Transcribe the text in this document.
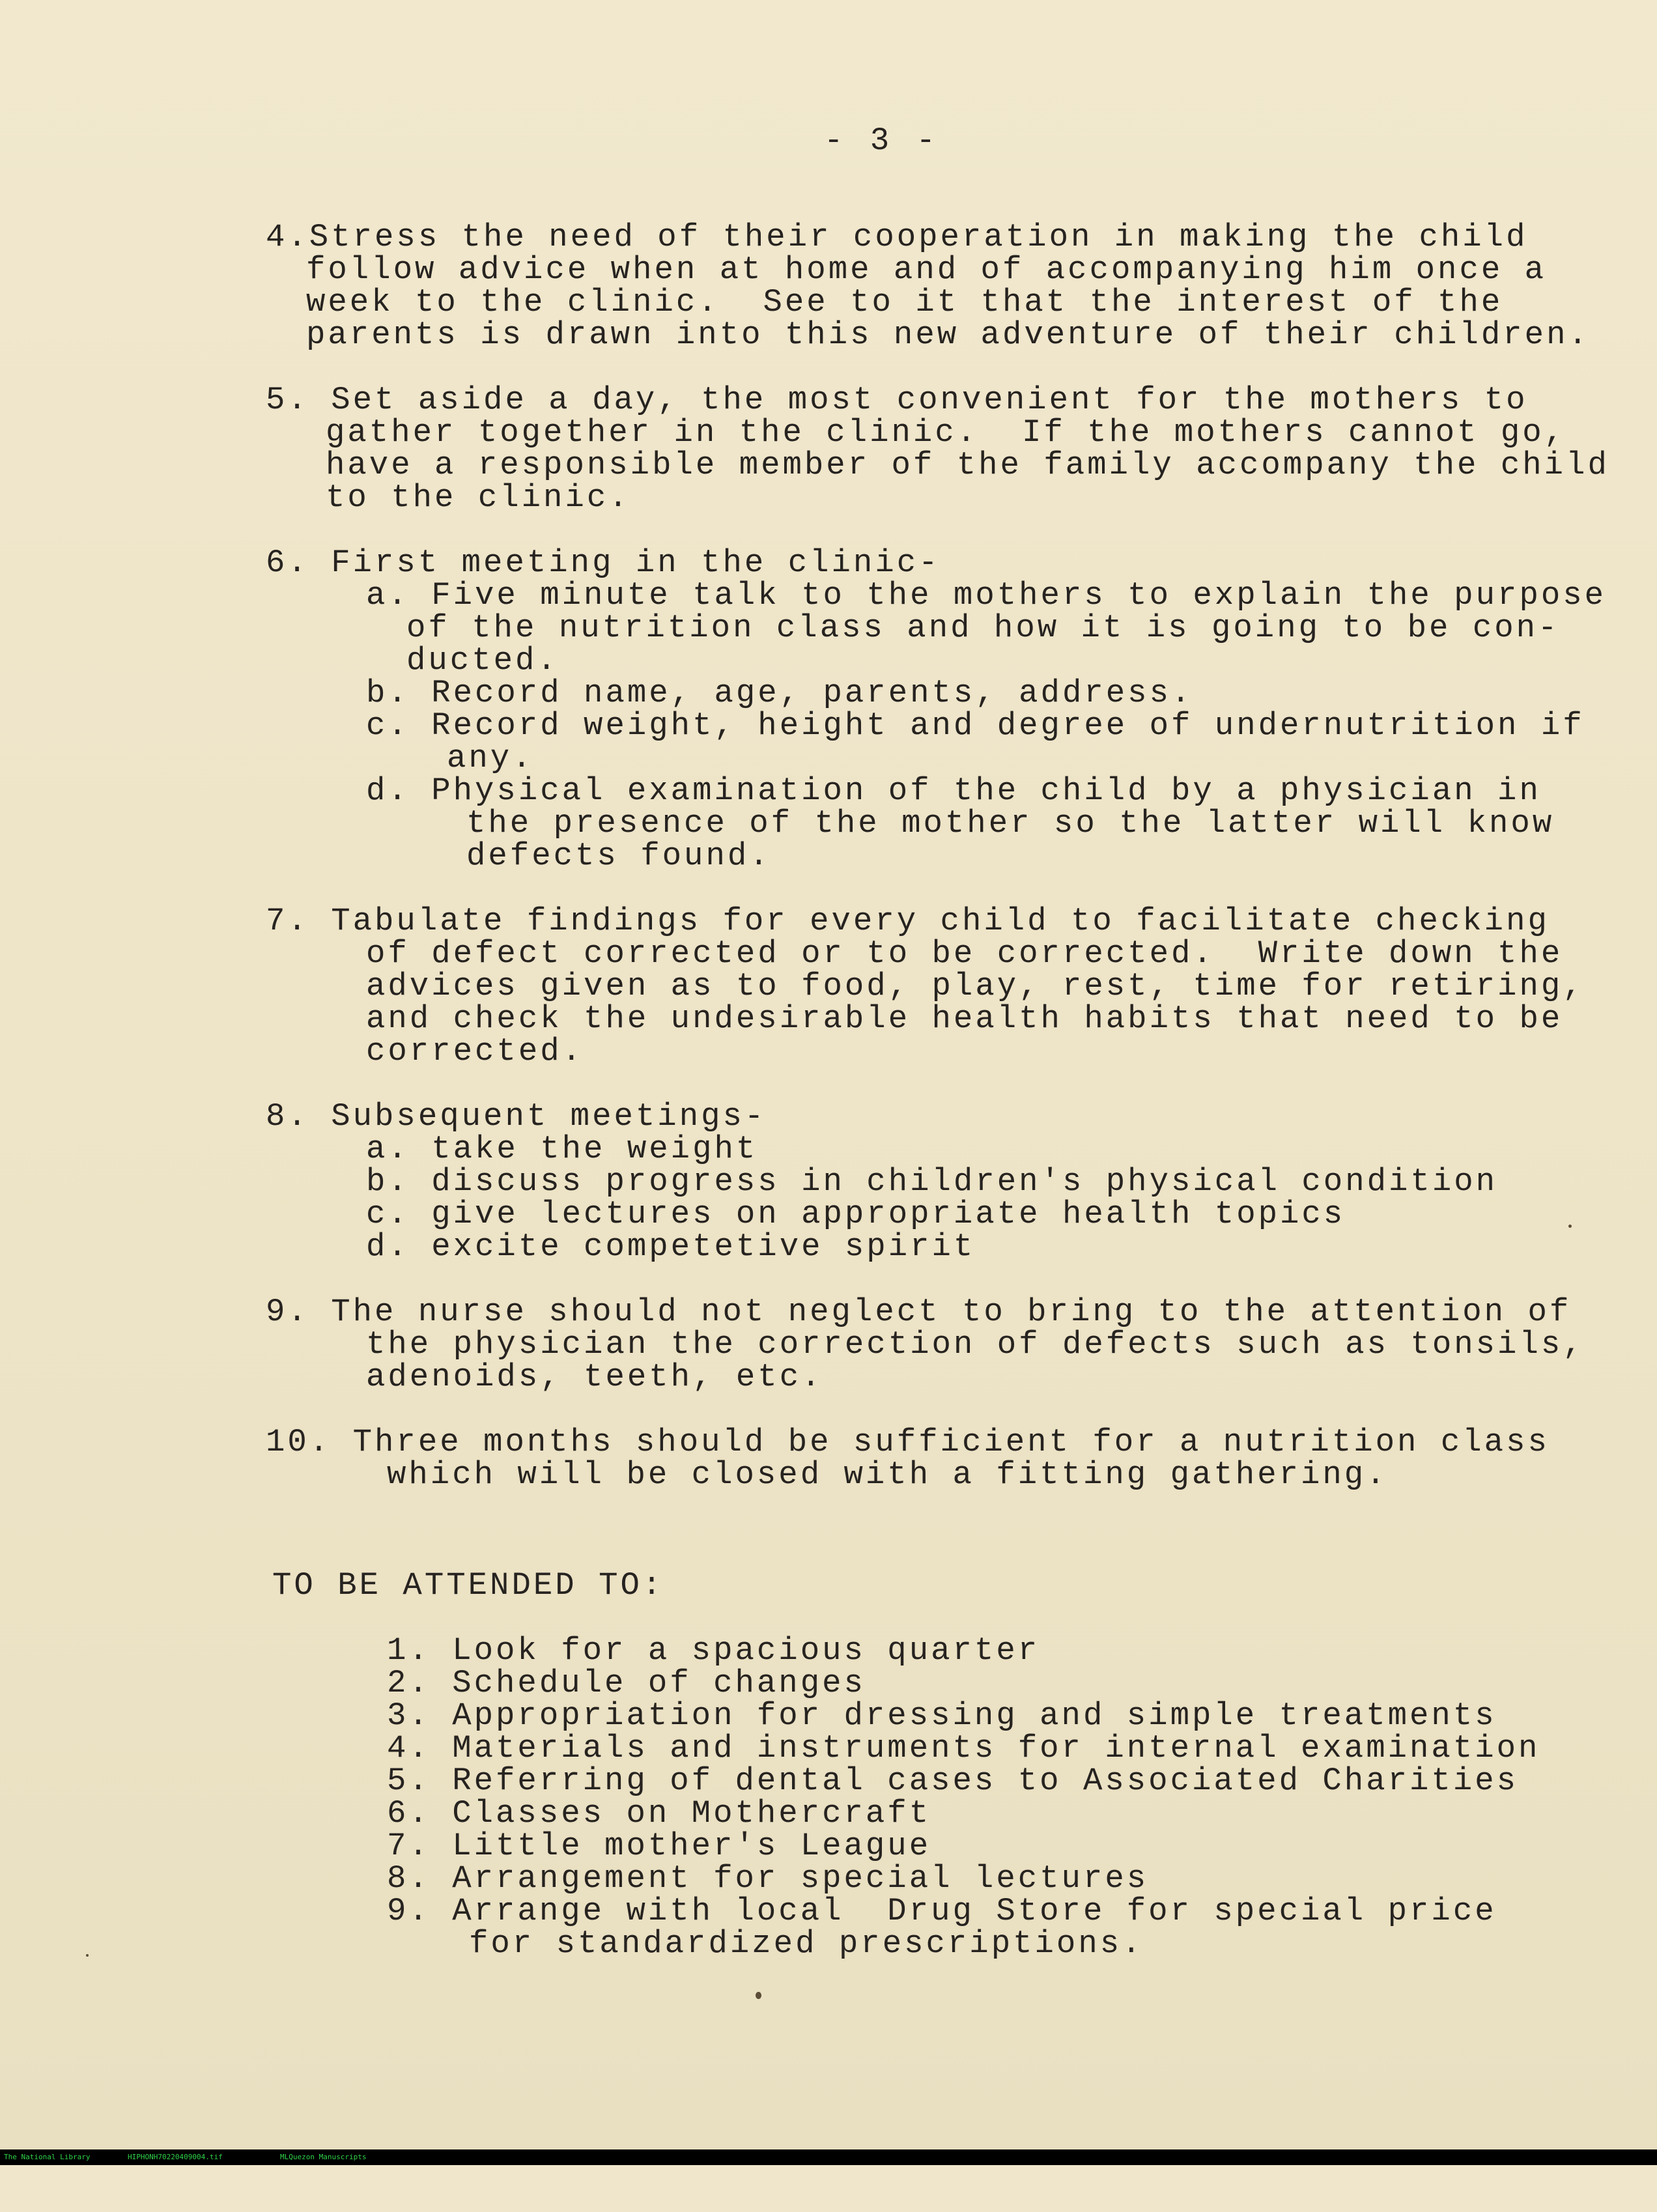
- 3 -
4.Stress the need of their cooperation in making the child
follow advice when at home and of accompanying him once a
week to the clinic.  See to it that the interest of the
parents is drawn into this new adventure of their children.
5. Set aside a day, the most convenient for the mothers to
gather together in the clinic.  If the mothers cannot go,
have a responsible member of the family accompany the child
to the clinic.
6. First meeting in the clinic-
a. Five minute talk to the mothers to explain the purpose
of the nutrition class and how it is going to be con-
ducted.
b. Record name, age, parents, address.
c. Record weight, height and degree of undernutrition if
any.
d. Physical examination of the child by a physician in
the presence of the mother so the latter will know
defects found.
7. Tabulate findings for every child to facilitate checking
of defect corrected or to be corrected.  Write down the
advices given as to food, play, rest, time for retiring,
and check the undesirable health habits that need to be
corrected.
8. Subsequent meetings-
a. take the weight
b. discuss progress in children's physical condition
c. give lectures on appropriate health topics
d. excite competetive spirit
9. The nurse should not neglect to bring to the attention of
the physician the correction of defects such as tonsils,
adenoids, teeth, etc.
10. Three months should be sufficient for a nutrition class
which will be closed with a fitting gathering.
TO BE ATTENDED TO:
1. Look for a spacious quarter
2. Schedule of changes
3. Appropriation for dressing and simple treatments
4. Materials and instruments for internal examination
5. Referring of dental cases to Associated Charities
6. Classes on Mothercraft
7. Little mother's League
8. Arrangement for special lectures
9. Arrange with local  Drug Store for special price
for standardized prescriptions.

The National Library

	HIPHONH70220409004.tif

	MLQuezon Manuscripts
